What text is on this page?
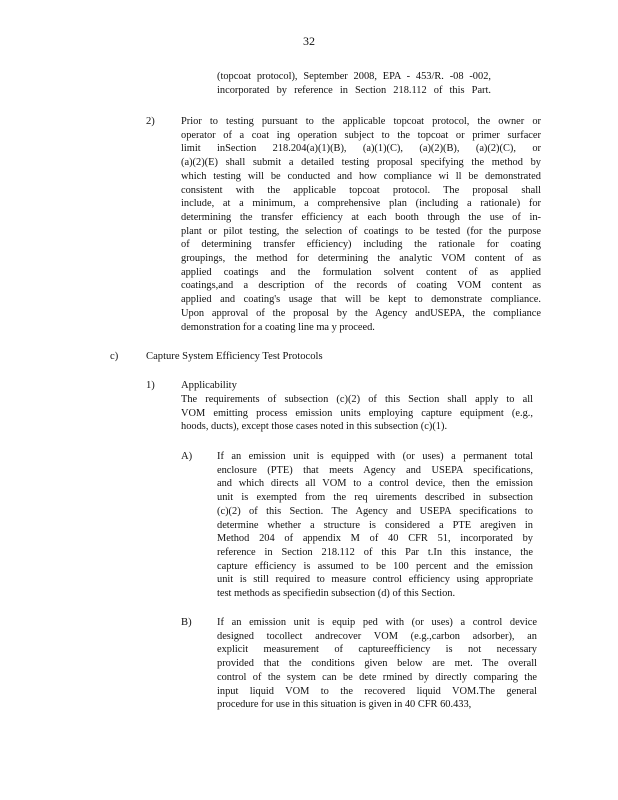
32
(topcoat protocol), September 2008, EPA - 453/R. -08 -002,
incorporated by reference in Section 218.112 of this Part.
2)	Prior to testing pursuant to the applicable topcoat protocol, the owner or
operator of a coat ing operation subject to the topcoat or primer surfacer
limit inSection 218.204(a)(1)(B), (a)(1)(C), (a)(2)(B), (a)(2)(C), or
(a)(2)(E) shall submit a detailed testing proposal specifying the method by
which testing will be conducted and how compliance wi ll be demonstrated
consistent with the applicable topcoat protocol. The proposal shall
include, at a minimum, a comprehensive plan (including a rationale) for
determining the transfer efficiency at each booth through the use of in-
plant or pilot testing, the selection of coatings to be tested (for the purpose
of determining transfer efficiency) including the rationale for coating
groupings, the method for determining the analytic VOM content of as
applied coatings and the formulation solvent content of as applied
coatings,and a description of the records of coating VOM content as
applied and coating's usage that will be kept to demonstrate compliance.
Upon approval of the proposal by the Agency andUSEPA, the compliance
demonstration for a coating line ma y proceed.
c)	Capture System Efficiency Test Protocols
1) Applicability
The requirements of subsection (c)(2) of this Section shall apply to all
VOM emitting process emission units employing capture equipment (e.g.,
hoods, ducts), except those cases noted in this subsection (c)(1).
A) If an emission unit is equipped with (or uses) a permanent total
enclosure (PTE) that meets Agency and USEPA specifications,
and which directs all VOM to a control device, then the emission
unit is exempted from the req uirements described in subsection
(c)(2) of this Section. The Agency and USEPA specifications to
determine whether a structure is considered a PTE aregiven in
Method 204 of appendix M of 40 CFR 51, incorporated by
reference in Section 218.112 of this Par t.In this instance, the
capture efficiency is assumed to be 100 percent and the emission
unit is still required to measure control efficiency using appropriate
test methods as specifiedin subsection (d) of this Section.
B) If an emission unit is equip ped with (or uses) a control device
designed tocollect andrecover VOM (e.g.,carbon adsorber), an
explicit measurement of captureefficiency is not necessary
provided that the conditions given below are met. The overall
control of the system can be dete rmined by directly comparing the
input liquid VOM to the recovered liquid VOM.The general
procedure for use in this situation is given in 40 CFR 60.433,
